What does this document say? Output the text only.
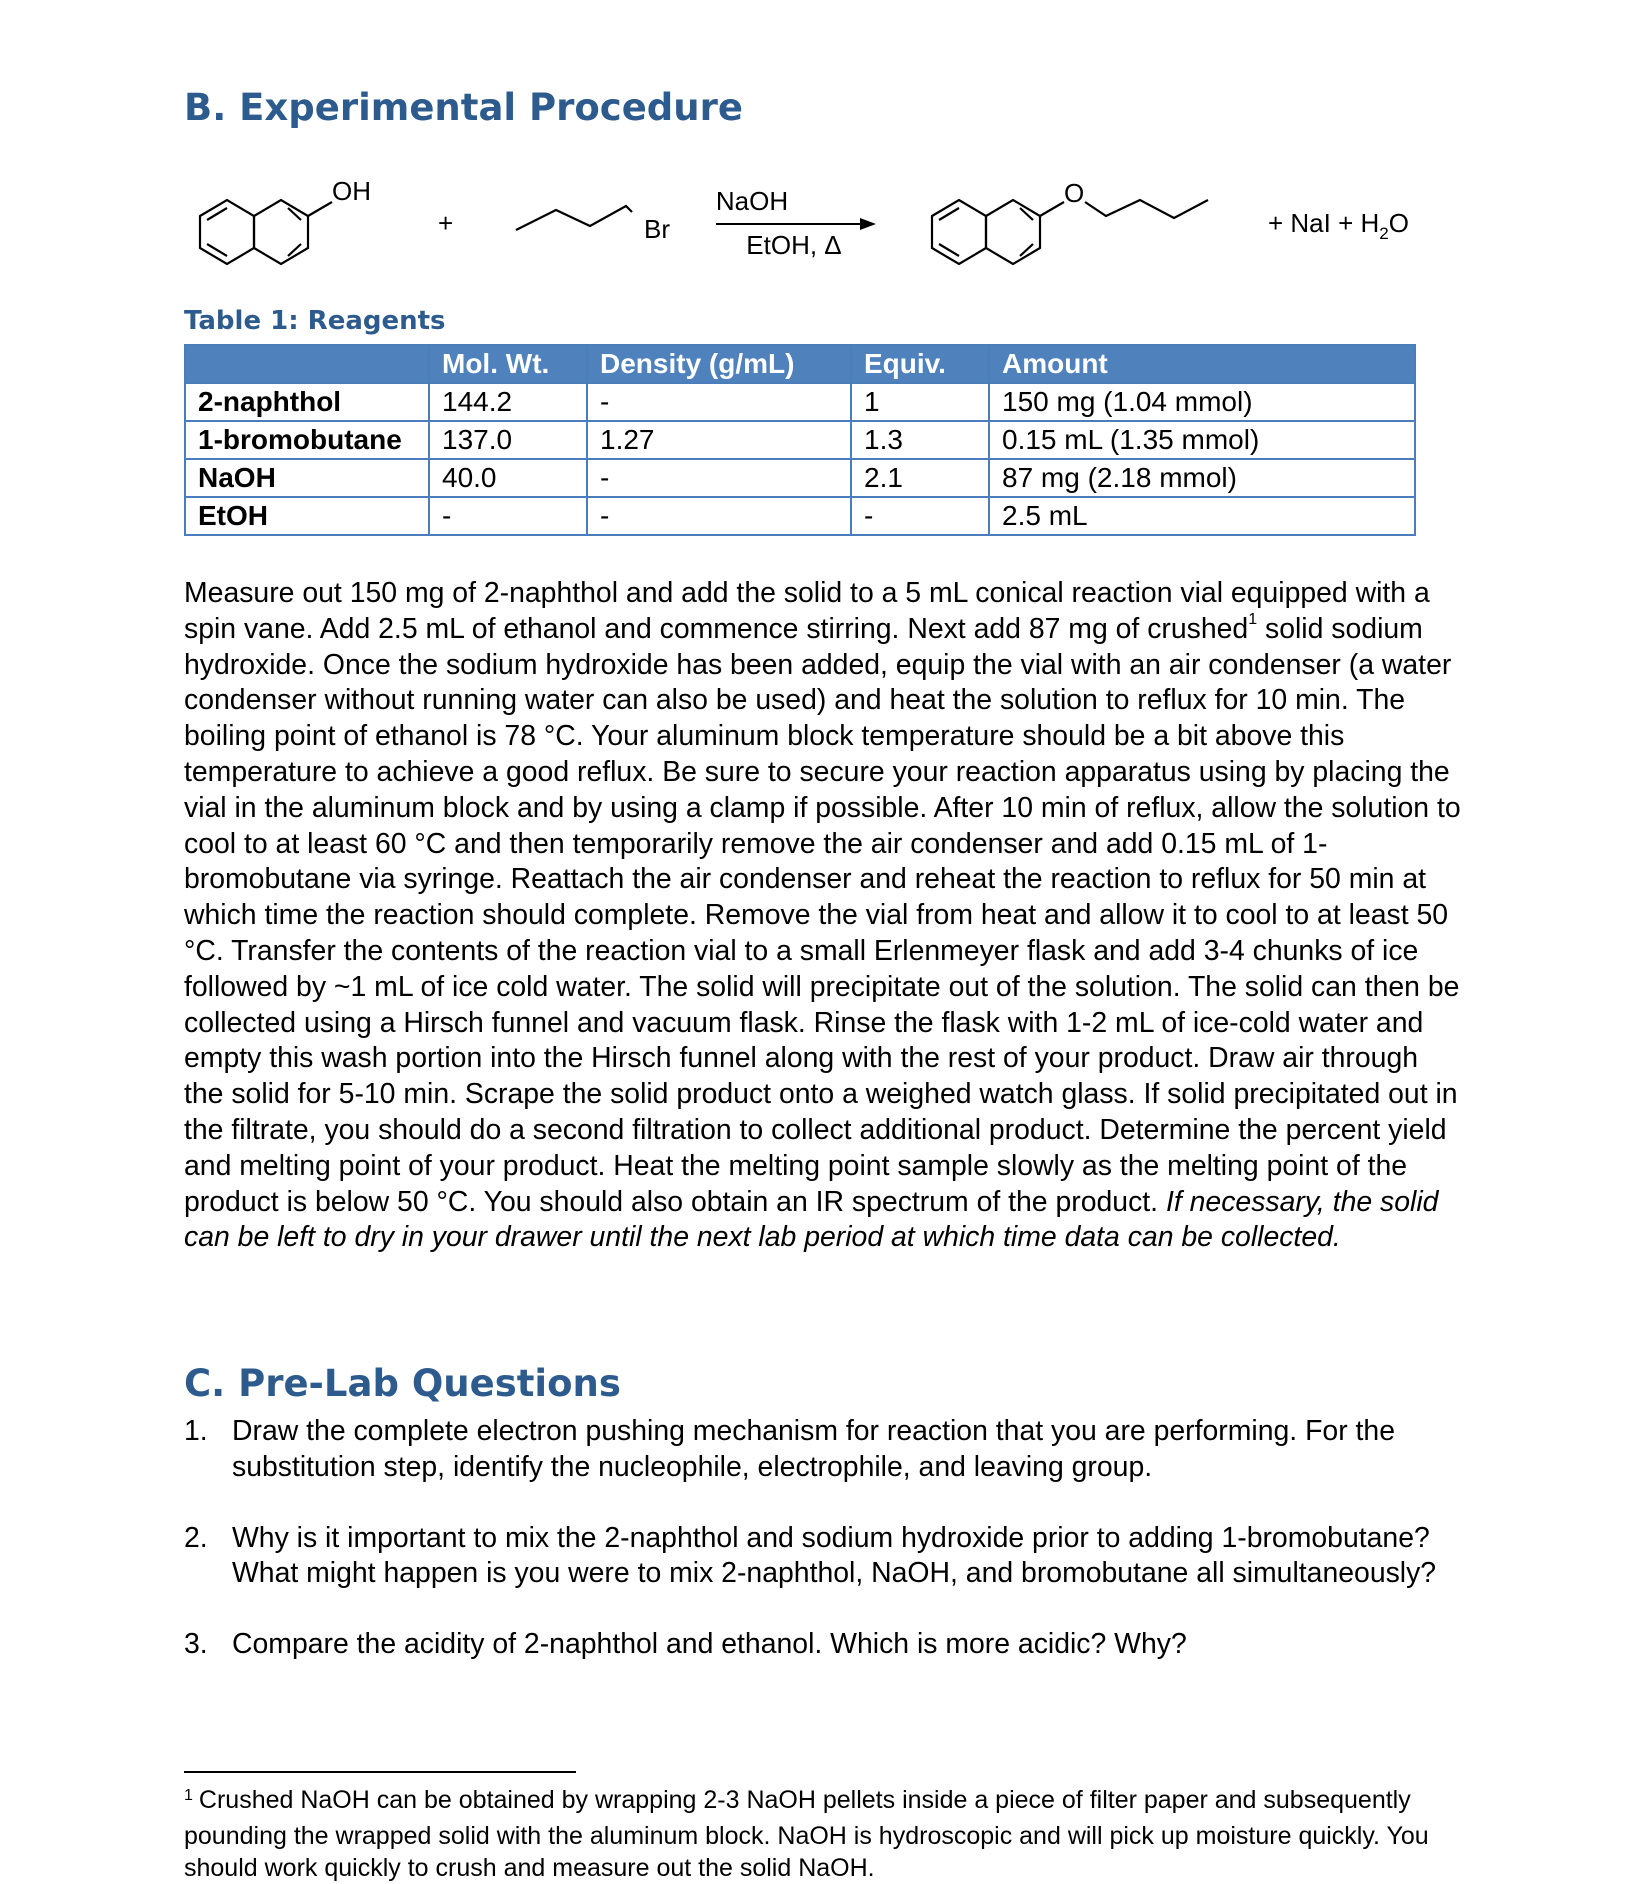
B. Experimental Procedure
OH
+	Br
NaOH
EtOH, Δ
O
+ NaI + $H_2O$

Table 1: Reagents

	Mol. Wt.	Density (g/mL)	Equiv.	Amount
2-naphthol	144.2	-	1	150 mg (1.04 mmol)
1-bromobutane	137.0	1.27	1.3	0.15 mL (1.35 mmol)
NaOH	40.0	-	2.1	87 mg (2.18 mmol)
EtOH	-	-	-	2.5 mL

Measure out 150 mg of 2-naphthol and add the solid to a 5 mL conical reaction vial equipped with a spin vane. Add 2.5 mL of ethanol and commence stirring. Next add 87 mg of crushed$^1$ solid sodium hydroxide. Once the sodium hydroxide has been added, equip the vial with an air condenser (a water condenser without running water can also be used) and heat the solution to reflux for 10 min. The boiling point of ethanol is 78 °C. Your aluminum block temperature should be a bit above this temperature to achieve a good reflux. Be sure to secure your reaction apparatus using by placing the vial in the aluminum block and by using a clamp if possible. After 10 min of reflux, allow the solution to cool to at least 60 °C and then temporarily remove the air condenser and add 0.15 mL of 1-bromobutane via syringe. Reattach the air condenser and reheat the reaction to reflux for 50 min at which time the reaction should complete. Remove the vial from heat and allow it to cool to at least 50 °C. Transfer the contents of the reaction vial to a small Erlenmeyer flask and add 3-4 chunks of ice followed by ~1 mL of ice cold water. The solid will precipitate out of the solution. The solid can then be collected using a Hirsch funnel and vacuum flask. Rinse the flask with 1-2 mL of ice-cold water and empty this wash portion into the Hirsch funnel along with the rest of your product. Draw air through the solid for 5-10 min. Scrape the solid product onto a weighed watch glass. If solid precipitated out in the filtrate, you should do a second filtration to collect additional product. Determine the percent yield and melting point of your product. Heat the melting point sample slowly as the melting point of the product is below 50 °C. You should also obtain an IR spectrum of the product. If necessary, the solid can be left to dry in your drawer until the next lab period at which time data can be collected.

C. Pre-Lab Questions
1. Draw the complete electron pushing mechanism for reaction that you are performing. For the substitution step, identify the nucleophile, electrophile, and leaving group.
2. Why is it important to mix the 2-naphthol and sodium hydroxide prior to adding 1-bromobutane? What might happen is you were to mix 2-naphthol, NaOH, and bromobutane all simultaneously?
3. Compare the acidity of 2-naphthol and ethanol. Which is more acidic? Why?

$^1$ Crushed NaOH can be obtained by wrapping 2-3 NaOH pellets inside a piece of filter paper and subsequently pounding the wrapped solid with the aluminum block. NaOH is hydroscopic and will pick up moisture quickly. You should work quickly to crush and measure out the solid NaOH.
